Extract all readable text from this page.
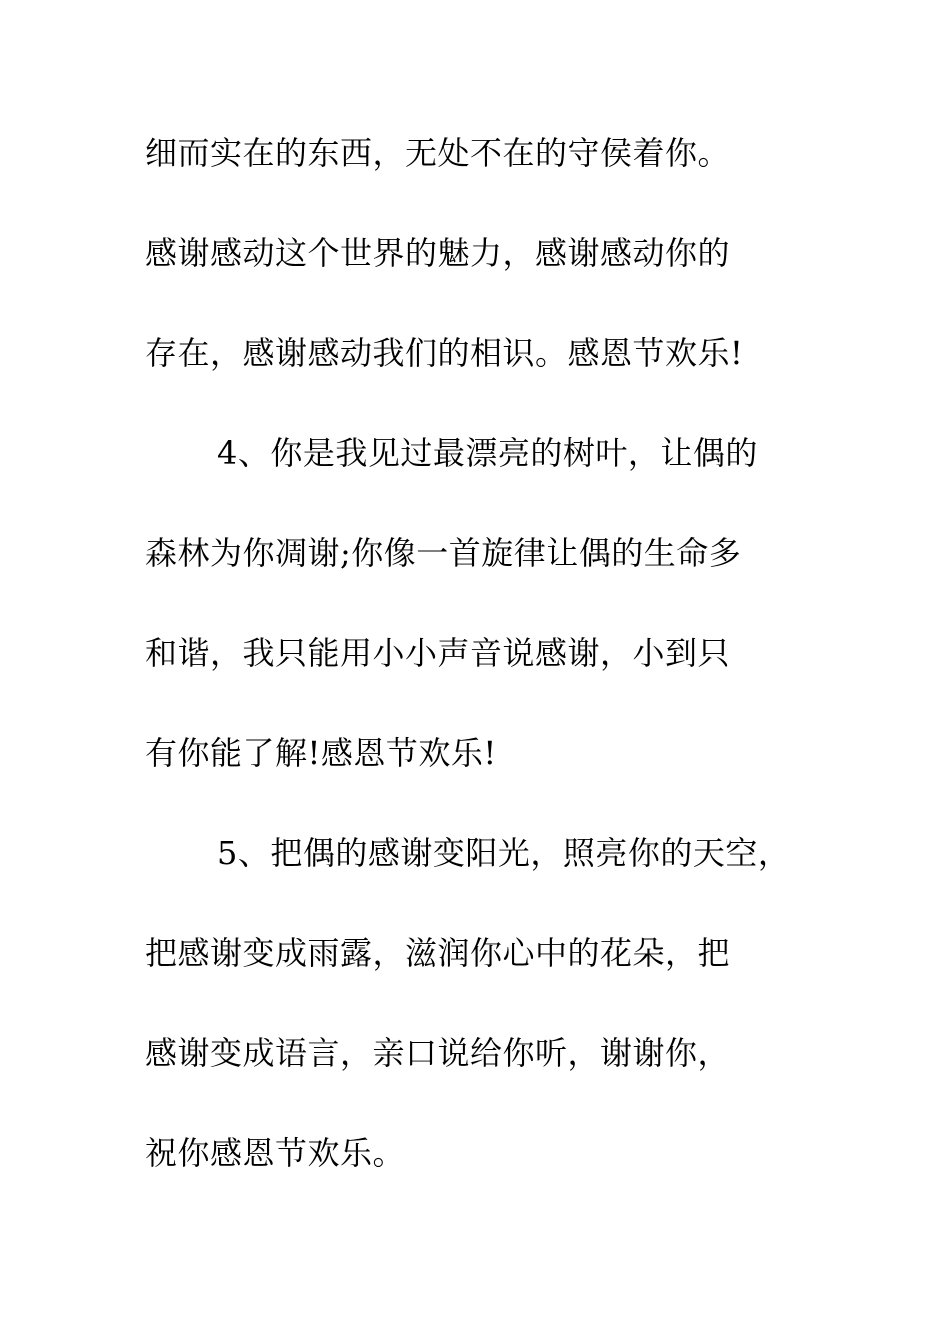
细而实在的东西，无处不在的守侯着你。
感谢感动这个世界的魅力，感谢感动你的
存在，感谢感动我们的相识。感恩节欢乐!
4、你是我见过最漂亮的树叶，让偶的
森林为你凋谢;你像一首旋律让偶的生命多
和谐，我只能用小小声音说感谢，小到只
有你能了解!感恩节欢乐!
5、把偶的感谢变阳光，照亮你的天空，
把感谢变成雨露，滋润你心中的花朵，把
感谢变成语言，亲口说给你听，谢谢你，
祝你感恩节欢乐。
